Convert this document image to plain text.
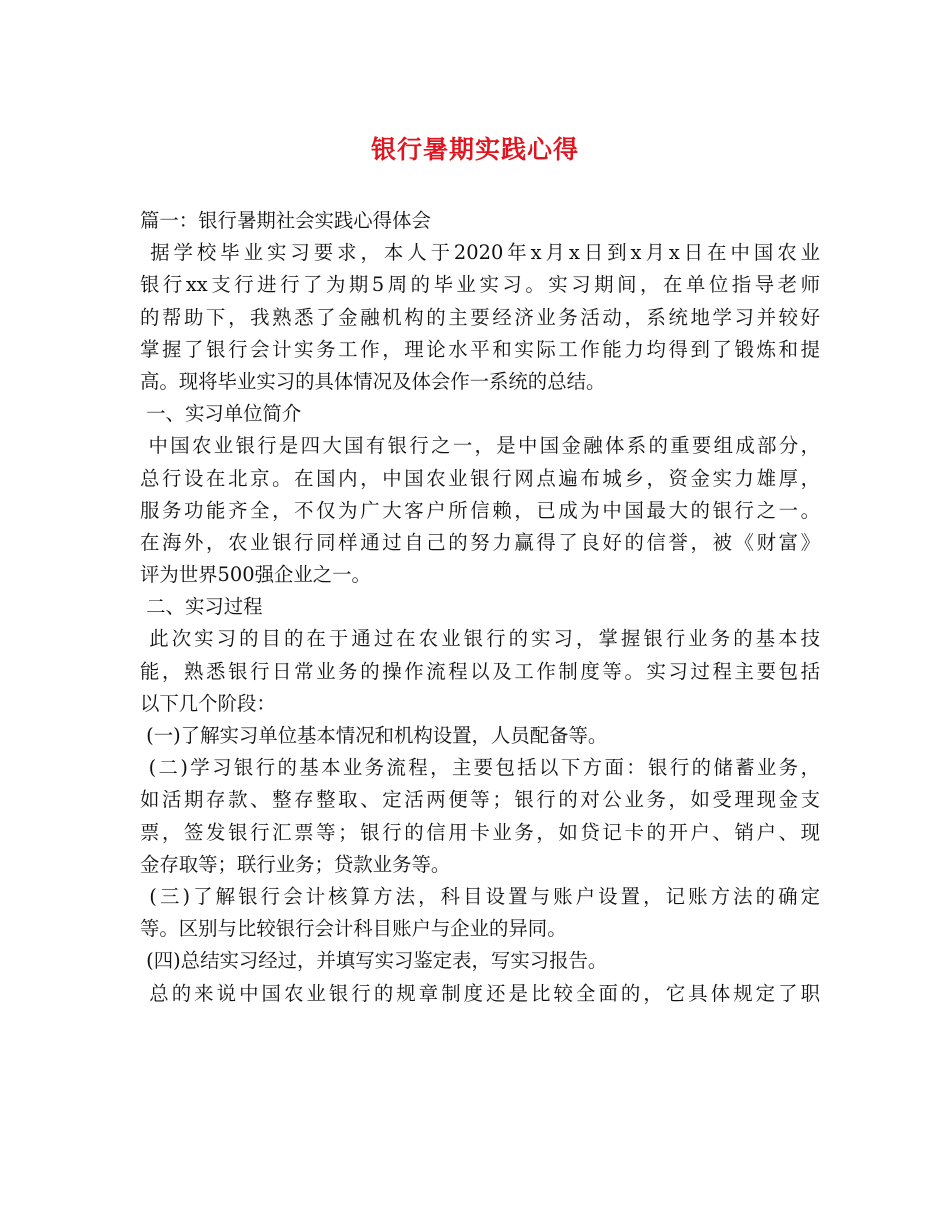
银行暑期实践心得
篇一：银行暑期社会实践心得体会
据学校毕业实习要求，本人于2020年x月x日到x月x日在中国农业
银行xx支行进行了为期5周的毕业实习。实习期间，在单位指导老师
的帮助下，我熟悉了金融机构的主要经济业务活动，系统地学习并较好
掌握了银行会计实务工作，理论水平和实际工作能力均得到了锻炼和提
高。现将毕业实习的具体情况及体会作一系统的总结。
一、实习单位简介
中国农业银行是四大国有银行之一，是中国金融体系的重要组成部分，
总行设在北京。在国内，中国农业银行网点遍布城乡，资金实力雄厚，
服务功能齐全，不仅为广大客户所信赖，已成为中国最大的银行之一。
在海外，农业银行同样通过自己的努力赢得了良好的信誉，被《财富》
评为世界500强企业之一。
二、实习过程
此次实习的目的在于通过在农业银行的实习，掌握银行业务的基本技
能，熟悉银行日常业务的操作流程以及工作制度等。实习过程主要包括
以下几个阶段：
(一)了解实习单位基本情况和机构设置，人员配备等。
(二)学习银行的基本业务流程，主要包括以下方面：银行的储蓄业务，
如活期存款、整存整取、定活两便等；银行的对公业务，如受理现金支
票，签发银行汇票等；银行的信用卡业务，如贷记卡的开户、销户、现
金存取等；联行业务；贷款业务等。
(三)了解银行会计核算方法，科目设置与账户设置，记账方法的确定
等。区别与比较银行会计科目账户与企业的异同。
(四)总结实习经过，并填写实习鉴定表，写实习报告。
总的来说中国农业银行的规章制度还是比较全面的，它具体规定了职
